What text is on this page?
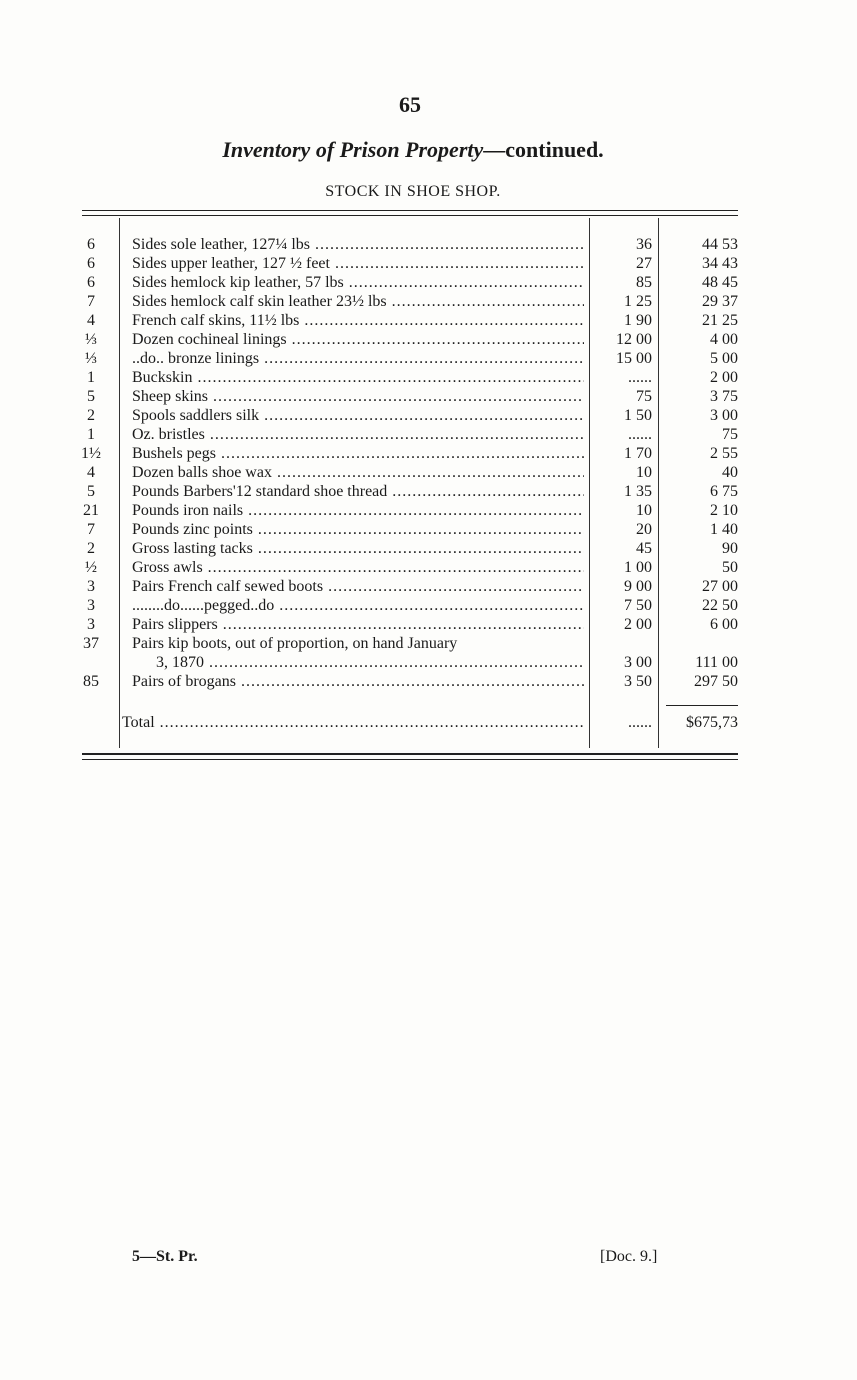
65
Inventory of Prison Property—continued.
STOCK IN SHOE SHOP.
6	Sides sole leather, 127¼ lbs .....	36	44 53
6	Sides upper leather, 127 ½ feet .....	27	34 43
6	Sides hemlock kip leather, 57 lbs .....	85	48 45
7	Sides hemlock calf skin leather 23½ lbs .....	1 25	29 37
4	French calf skins, 11½ lbs .....	1 90	21 25
⅓	Dozen cochineal linings .....	12 00	4 00
⅓	..do.. bronze linings .....	15 00	5 00
1	Buckskin .....	......	2 00
5	Sheep skins .....	75	3 75
2	Spools saddlers silk .....	1 50	3 00
1	Oz. bristles .....	......	75
1½	Bushels pegs .....	1 70	2 55
4	Dozen balls shoe wax .....	10	40
5	Pounds Barbers'12 standard shoe thread .....	1 35	6 75
21	Pounds iron nails .....	10	2 10
7	Pounds zinc points .....	20	1 40
2	Gross lasting tacks .....	45	90
½	Gross awls .....	1 00	50
3	Pairs French calf sewed boots .....	9 00	27 00
3	........do......pegged..do .....	7 50	22 50
3	Pairs slippers .....	2 00	6 00
37	Pairs kip boots, out of proportion, on hand January
3, 1870 .....	3 00	111 00
85	Pairs of brogans .....	3 50	297 50
Total .....	......	$675,73
5—St. Pr.	[Doc. 9.]
